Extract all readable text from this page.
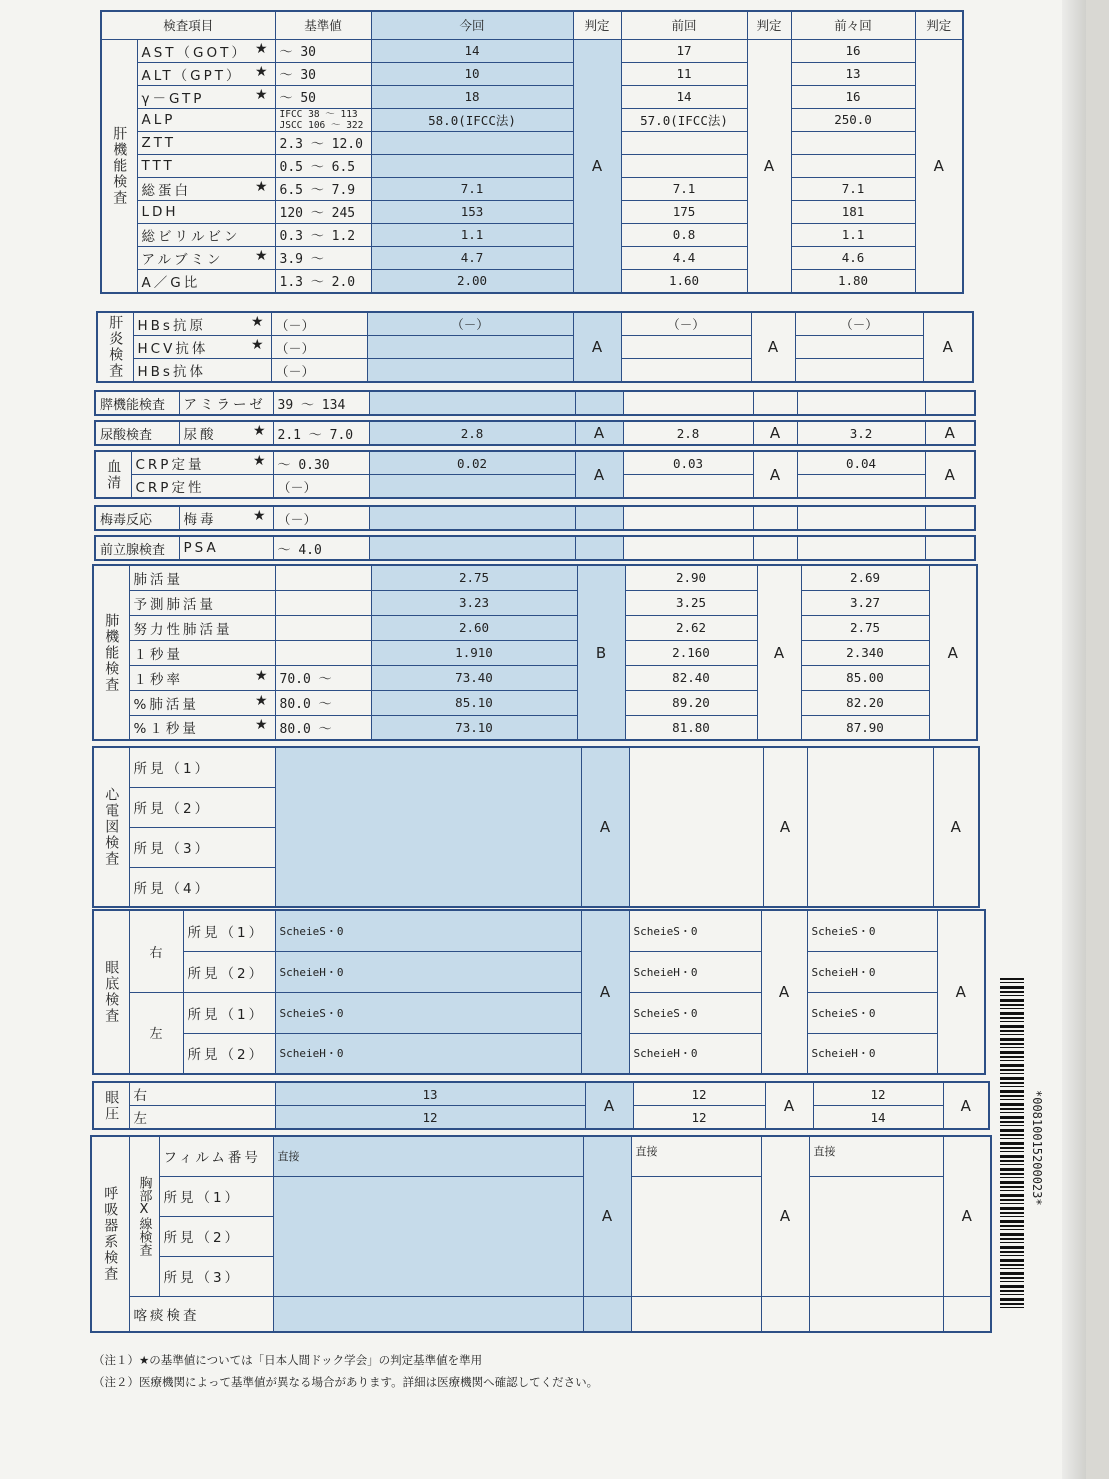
検査項目		基準値	今回	判定	前回	判定	前々回	判定
肝機能検査	AST（GOT） ★	～ 30	14	A	17	A	16	A
	ALT（GPT） ★	～ 30	10		11		13	
	γ－GTP ★	～ 50	18		14		16	
	ALP	IFCC 38 ～ 113
JSCC 106 ～ 322	58.0(IFCC法)		57.0(IFCC法)		250.0	
	ZTT	2.3 ～ 12.0						
	TTT	0.5 ～ 6.5						
	総蛋白 ★	6.5 ～ 7.9	7.1		7.1		7.1	
	LDH	120 ～ 245	153		175		181	
	総ビリルビン	0.3 ～ 1.2	1.1		0.8		1.1	
	アルブミン ★	3.9 ～	4.7		4.4		4.6	
	A／G比	1.3 ～ 2.0	2.00		1.60		1.80	
肝炎検査	HBs抗原 ★	（－）	（－）	A	（－）	A	（－）	A
	HCV抗体 ★	（－）						
	HBs抗体	（－）						
膵機能検査	アミラーゼ	39 ～ 134						
尿酸検査	尿酸	★	2.1 ～ 7.0	2.8	A	2.8	A	3.2	A
血清	CRP定量 ★	～ 0.30	0.02	A	0.03	A	0.04	A
	CRP定性	（－）						
梅毒反応	梅毒	★	（－）						
前立腺検査	PSA	～ 4.0						
肺機能検査	肺活量		2.75	B	2.90	A	2.69	A
	予測肺活量		3.23		3.25		3.27	
	努力性肺活量		2.60		2.62		2.75	
	１秒量		1.910		2.160		2.340	
	１秒率 ★	70.0 ～	73.40		82.40		85.00	
	%肺活量 ★	80.0 ～	85.10		89.20		82.20	
	%１秒量 ★	80.0 ～	73.10		81.80		87.90	
心電図検査	所見（1）		A		A		A
所見（2）
所見（3）
所見（4）
眼底検査	右	所見（1）	ScheieS・0	A	ScheieS・0	A	ScheieS・0	A
		所見（2）	ScheieH・0		ScheieH・0		ScheieH・0	
	左	所見（1）	ScheieS・0		ScheieS・0		ScheieS・0	
		所見（2）	ScheieH・0		ScheieH・0		ScheieH・0	
眼圧	右	13	A	12	A	12	A
	左	12		12		14	
呼吸器系検査	胸部X線検査	フィルム番号	直接	A	直接	A	直接	A
		所見（1）						
		所見（2）						
		所見（3）						
	喀痰検査							
（注１）★の基準値については「日本人間ドック学会」の判定基準値を準用
（注２）医療機関によって基準値が異なる場合があります。詳細は医療機関へ確認してください。
*00810015200023*
